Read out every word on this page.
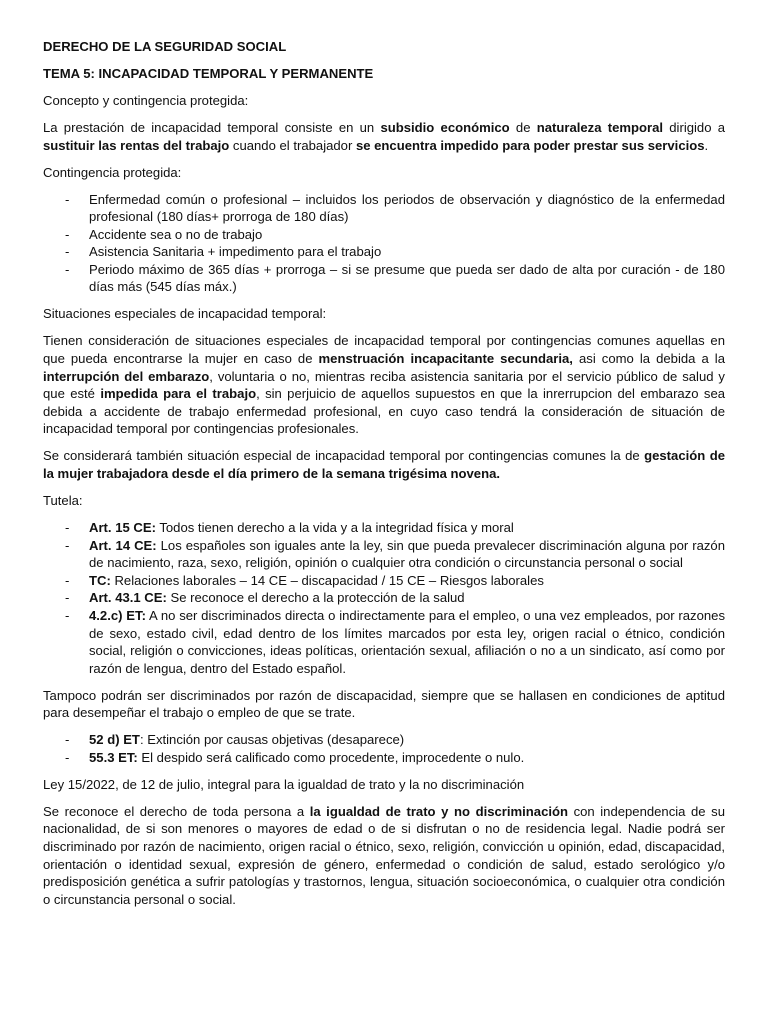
DERECHO DE LA SEGURIDAD SOCIAL

TEMA 5: INCAPACIDAD TEMPORAL Y PERMANENTE

Concepto y contingencia protegida:

La prestación de incapacidad temporal consiste en un subsidio económico de naturaleza temporal dirigido a sustituir las rentas del trabajo cuando el trabajador se encuentra impedido para poder prestar sus servicios.

Contingencia protegida:

- Enfermedad común o profesional – incluidos los periodos de observación y diagnóstico de la enfermedad profesional (180 días+ prorroga de 180 días)
- Accidente sea o no de trabajo
- Asistencia Sanitaria + impedimento para el trabajo
- Periodo máximo de 365 días + prorroga – si se presume que pueda ser dado de alta por curación - de 180 días más (545 días máx.)

Situaciones especiales de incapacidad temporal:

Tienen consideración de situaciones especiales de incapacidad temporal por contingencias comunes aquellas en que pueda encontrarse la mujer en caso de menstruación incapacitante secundaria, asi como la debida a la interrupción del embarazo, voluntaria o no, mientras reciba asistencia sanitaria por el servicio público de salud y que esté impedida para el trabajo, sin perjuicio de aquellos supuestos en que la inrerrupcion del embarazo sea debida a accidente de trabajo enfermedad profesional, en cuyo caso tendrá la consideración de situación de incapacidad temporal por contingencias profesionales.

Se considerará también situación especial de incapacidad temporal por contingencias comunes la de gestación de la mujer trabajadora desde el día primero de la semana trigésima novena.

Tutela:

- Art. 15 CE: Todos tienen derecho a la vida y a la integridad física y moral
- Art. 14 CE: Los españoles son iguales ante la ley, sin que pueda prevalecer discriminación alguna por razón de nacimiento, raza, sexo, religión, opinión o cualquier otra condición o circunstancia personal o social
- TC: Relaciones laborales – 14 CE – discapacidad / 15 CE – Riesgos laborales
- Art. 43.1 CE: Se reconoce el derecho a la protección de la salud
- 4.2.c) ET: A no ser discriminados directa o indirectamente para el empleo, o una vez empleados, por razones de sexo, estado civil, edad dentro de los límites marcados por esta ley, origen racial o étnico, condición social, religión o convicciones, ideas políticas, orientación sexual, afiliación o no a un sindicato, así como por razón de lengua, dentro del Estado español.

Tampoco podrán ser discriminados por razón de discapacidad, siempre que se hallasen en condiciones de aptitud para desempeñar el trabajo o empleo de que se trate.

- 52 d) ET: Extinción por causas objetivas (desaparece)
- 55.3 ET: El despido será calificado como procedente, improcedente o nulo.

Ley 15/2022, de 12 de julio, integral para la igualdad de trato y la no discriminación

Se reconoce el derecho de toda persona a la igualdad de trato y no discriminación con independencia de su nacionalidad, de si son menores o mayores de edad o de si disfrutan o no de residencia legal. Nadie podrá ser discriminado por razón de nacimiento, origen racial o étnico, sexo, religión, convicción u opinión, edad, discapacidad, orientación o identidad sexual, expresión de género, enfermedad o condición de salud, estado serológico y/o predisposición genética a sufrir patologías y trastornos, lengua, situación socioeconómica, o cualquier otra condición o circunstancia personal o social.
